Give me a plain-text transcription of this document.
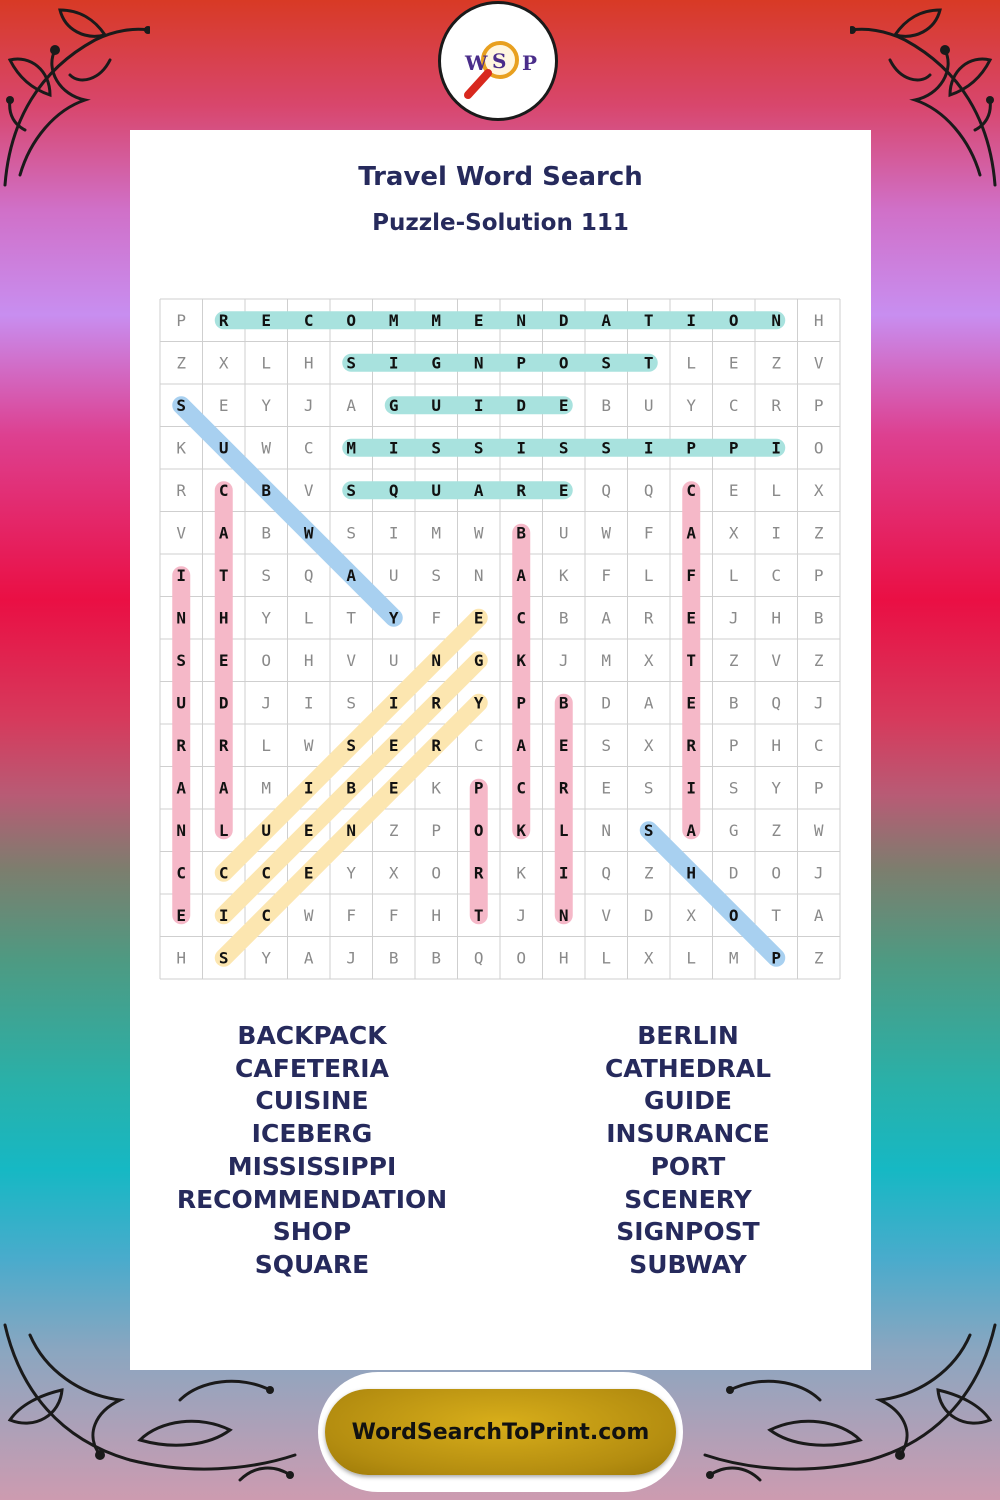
W S P
Travel Word Search
Puzzle-Solution 111
P R E C O M M E N D A T I O N H
Z X L H S I G N P O S T L E Z V
S E Y J A G U I D E B U Y C R P
K U W C M I S S I S S I P P I O
R C B V S Q U A R E Q Q C E L X
V A B W S I M W B U W F A X I Z
I T S Q A U S N A K F L F L C P
N H Y L T Y F E C B A R E J H B
S E O H V U N G K J M X T Z V Z
U D J I S I R Y P B D A E B Q J
R R L W S E R C A E S X R P H C
A A M I B E K P C R E S I S Y P
N L U E N Z P O K L N S A G Z W
C C C E Y X O R K I Q Z H D O J
E I C W F F H T J N V D X O T A
H S Y A J B B Q O H L X L M P Z
BACKPACK
CAFETERIA
CUISINE
ICEBERG
MISSISSIPPI
RECOMMENDATION
SHOP
SQUARE
BERLIN
CATHEDRAL
GUIDE
INSURANCE
PORT
SCENERY
SIGNPOST
SUBWAY
WordSearchToPrint.com
